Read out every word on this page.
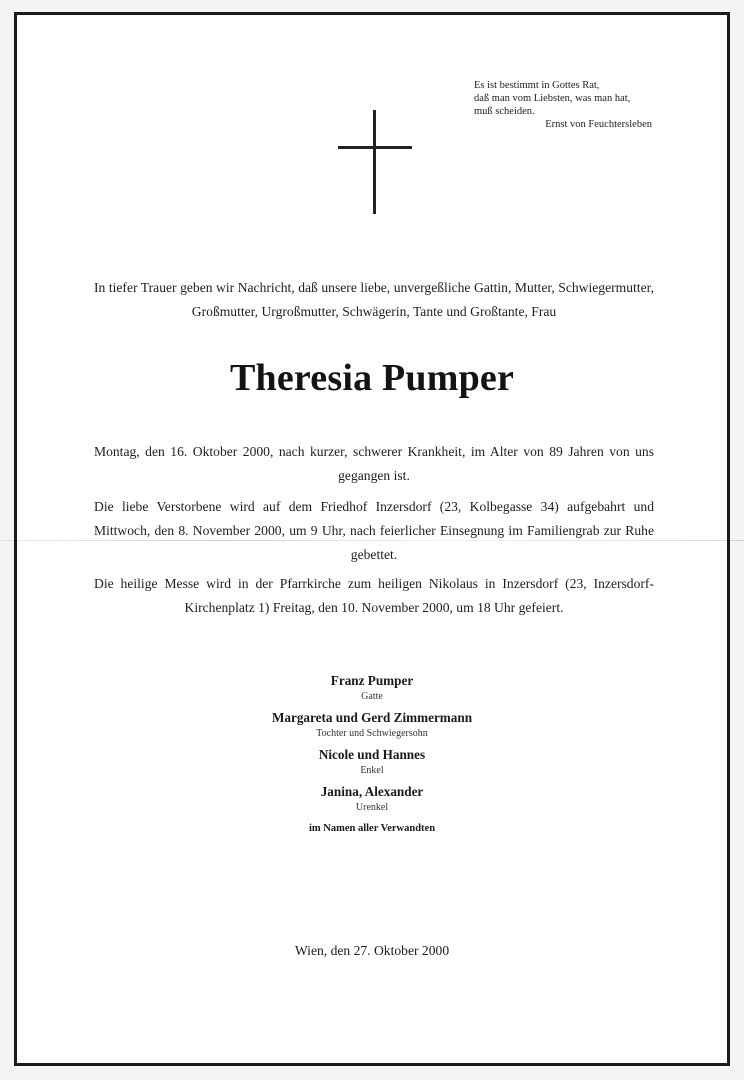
Es ist bestimmt in Gottes Rat,
daß man vom Liebsten, was man hat,
muß scheiden.
Ernst von Feuchtersleben
In tiefer Trauer geben wir Nachricht, daß unsere liebe, unvergeßliche Gattin, Mutter, Schwiegermutter, Großmutter, Urgroßmutter, Schwägerin, Tante und Großtante, Frau
Theresia Pumper
Montag, den 16. Oktober 2000, nach kurzer, schwerer Krankheit, im Alter von 89 Jahren von uns gegangen ist.
Die liebe Verstorbene wird auf dem Friedhof Inzersdorf (23, Kolbegasse 34) aufgebahrt und Mittwoch, den 8. November 2000, um 9 Uhr, nach feierlicher Einsegnung im Familiengrab zur Ruhe gebettet.
Die heilige Messe wird in der Pfarrkirche zum heiligen Nikolaus in Inzersdorf (23, Inzersdorf-Kirchenplatz 1) Freitag, den 10. November 2000, um 18 Uhr gefeiert.
Franz Pumper
Gatte
Margareta und Gerd Zimmermann
Tochter und Schwiegersohn
Nicole und Hannes
Enkel
Janina, Alexander
Urenkel
im Namen aller Verwandten
Wien, den 27. Oktober 2000
